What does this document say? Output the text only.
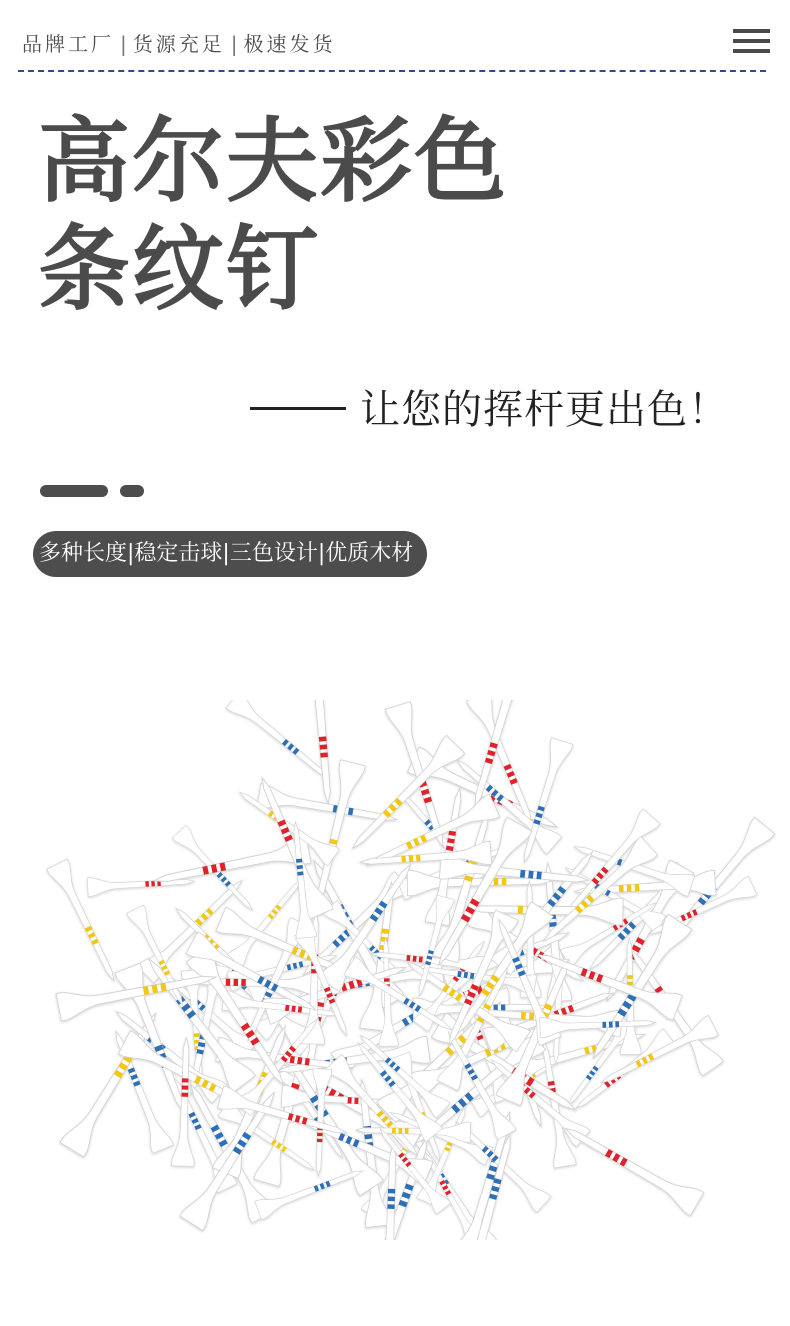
品牌工厂 | 货源充足 | 极速发货
高尔夫彩色
条纹钉
让您的挥杆更出色！
多种长度|稳定击球|三色设计|优质木材
